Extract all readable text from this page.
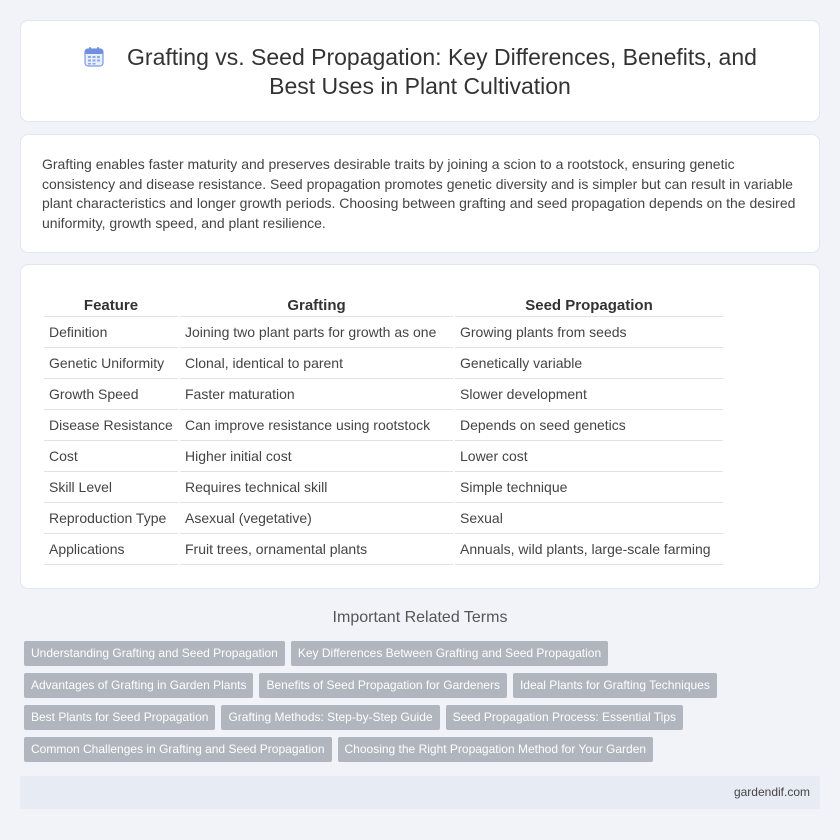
Grafting vs. Seed Propagation: Key Differences, Benefits, and Best Uses in Plant Cultivation

Grafting enables faster maturity and preserves desirable traits by joining a scion to a rootstock, ensuring genetic consistency and disease resistance. Seed propagation promotes genetic diversity and is simpler but can result in variable plant characteristics and longer growth periods. Choosing between grafting and seed propagation depends on the desired uniformity, growth speed, and plant resilience.

Feature	Grafting	Seed Propagation
Definition	Joining two plant parts for growth as one	Growing plants from seeds
Genetic Uniformity	Clonal, identical to parent	Genetically variable
Growth Speed	Faster maturation	Slower development
Disease Resistance	Can improve resistance using rootstock	Depends on seed genetics
Cost	Higher initial cost	Lower cost
Skill Level	Requires technical skill	Simple technique
Reproduction Type	Asexual (vegetative)	Sexual
Applications	Fruit trees, ornamental plants	Annuals, wild plants, large-scale farming
Important Related Terms
Understanding Grafting and Seed Propagation Key Differences Between Grafting and Seed Propagation
Advantages of Grafting in Garden Plants Benefits of Seed Propagation for Gardeners Ideal Plants for Grafting Techniques
Best Plants for Seed Propagation Grafting Methods: Step-by-Step Guide Seed Propagation Process: Essential Tips
Common Challenges in Grafting and Seed Propagation Choosing the Right Propagation Method for Your Garden
gardendif.com
